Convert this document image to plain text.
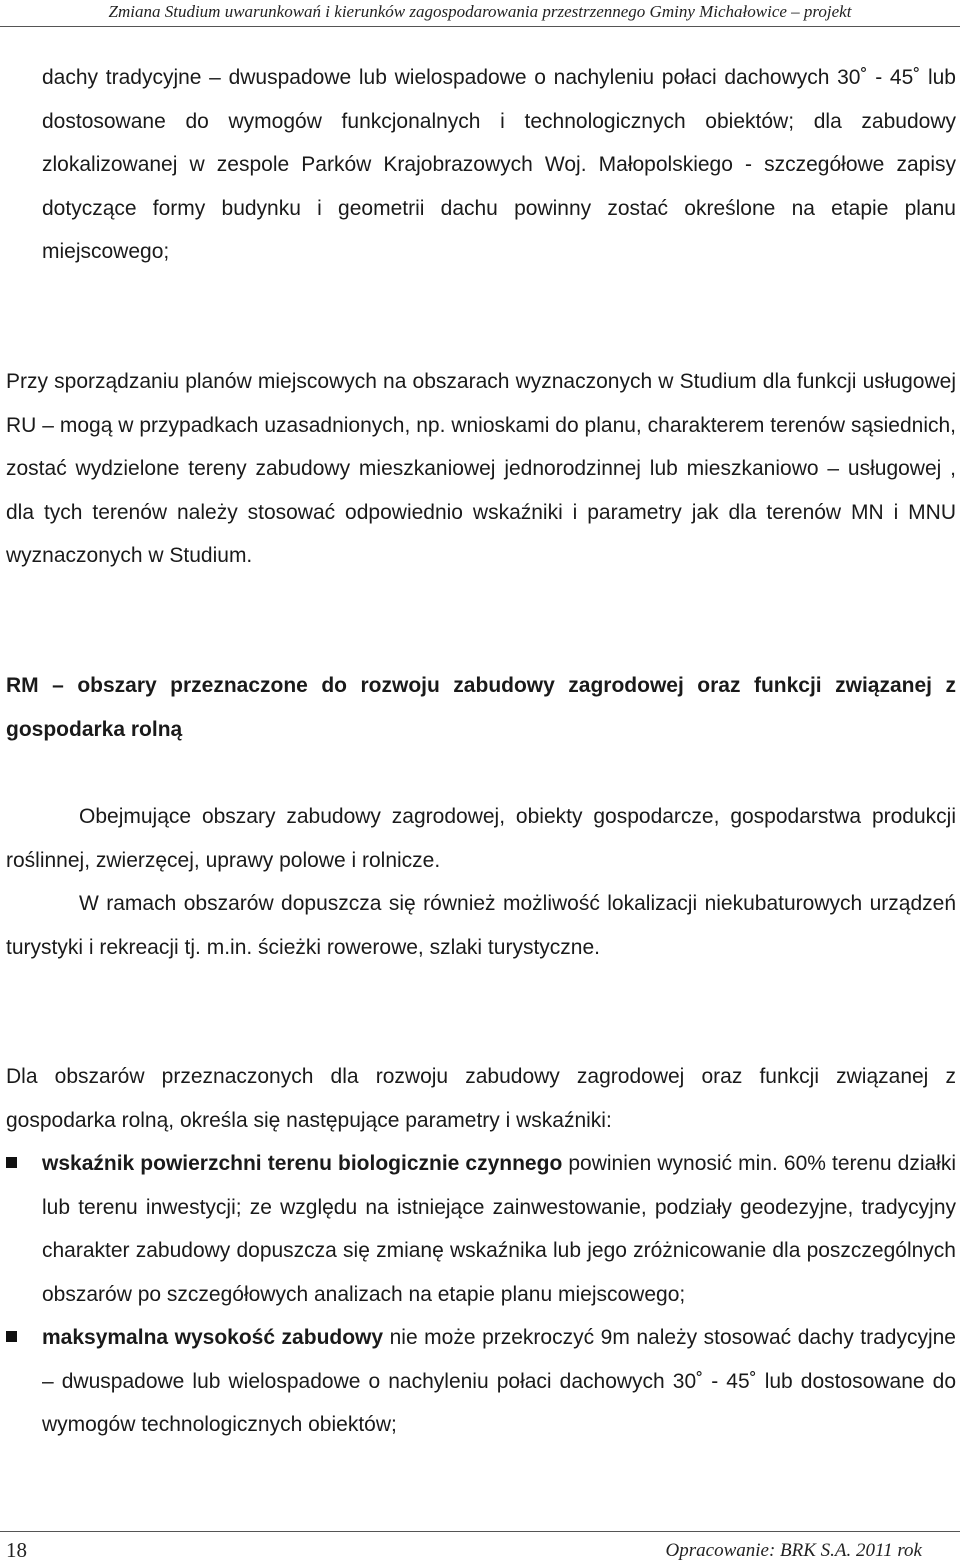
Zmiana Studium uwarunkowań i kierunków zagospodarowania przestrzennego Gminy Michałowice – projekt
dachy tradycyjne – dwuspadowe lub wielospadowe o nachyleniu połaci dachowych 30˚ - 45˚ lub dostosowane do wymogów funkcjonalnych i technologicznych obiektów; dla zabudowy zlokalizowanej w zespole Parków Krajobrazowych Woj. Małopolskiego - szczegółowe zapisy dotyczące formy budynku i geometrii dachu powinny zostać określone na etapie planu miejscowego;
Przy sporządzaniu planów miejscowych na obszarach wyznaczonych w Studium dla funkcji usługowej RU – mogą w przypadkach uzasadnionych, np. wnioskami do planu, charakterem terenów sąsiednich, zostać wydzielone tereny zabudowy mieszkaniowej jednorodzinnej lub mieszkaniowo – usługowej , dla tych terenów należy stosować odpowiednio wskaźniki i parametry jak dla terenów MN i MNU wyznaczonych w Studium.
RM – obszary przeznaczone do rozwoju zabudowy zagrodowej oraz funkcji związanej z gospodarka rolną
Obejmujące obszary zabudowy zagrodowej, obiekty gospodarcze, gospodarstwa produkcji roślinnej, zwierzęcej, uprawy polowe i rolnicze.
W ramach obszarów dopuszcza się również możliwość lokalizacji niekubaturowych urządzeń turystyki i rekreacji tj. m.in. ścieżki rowerowe, szlaki turystyczne.
Dla obszarów przeznaczonych dla rozwoju zabudowy zagrodowej oraz funkcji związanej z gospodarka rolną, określa się następujące parametry i wskaźniki:
wskaźnik powierzchni terenu biologicznie czynnego powinien wynosić min. 60% terenu działki lub terenu inwestycji; ze względu na istniejące zainwestowanie, podziały geodezyjne, tradycyjny charakter zabudowy dopuszcza się zmianę wskaźnika lub jego zróżnicowanie dla poszczególnych obszarów po szczegółowych analizach na etapie planu miejscowego;
maksymalna wysokość zabudowy nie może przekroczyć 9m należy stosować dachy tradycyjne – dwuspadowe lub wielospadowe o nachyleniu połaci dachowych 30˚ - 45˚ lub dostosowane do wymogów technologicznych obiektów;
18	Opracowanie: BRK S.A. 2011 rok
